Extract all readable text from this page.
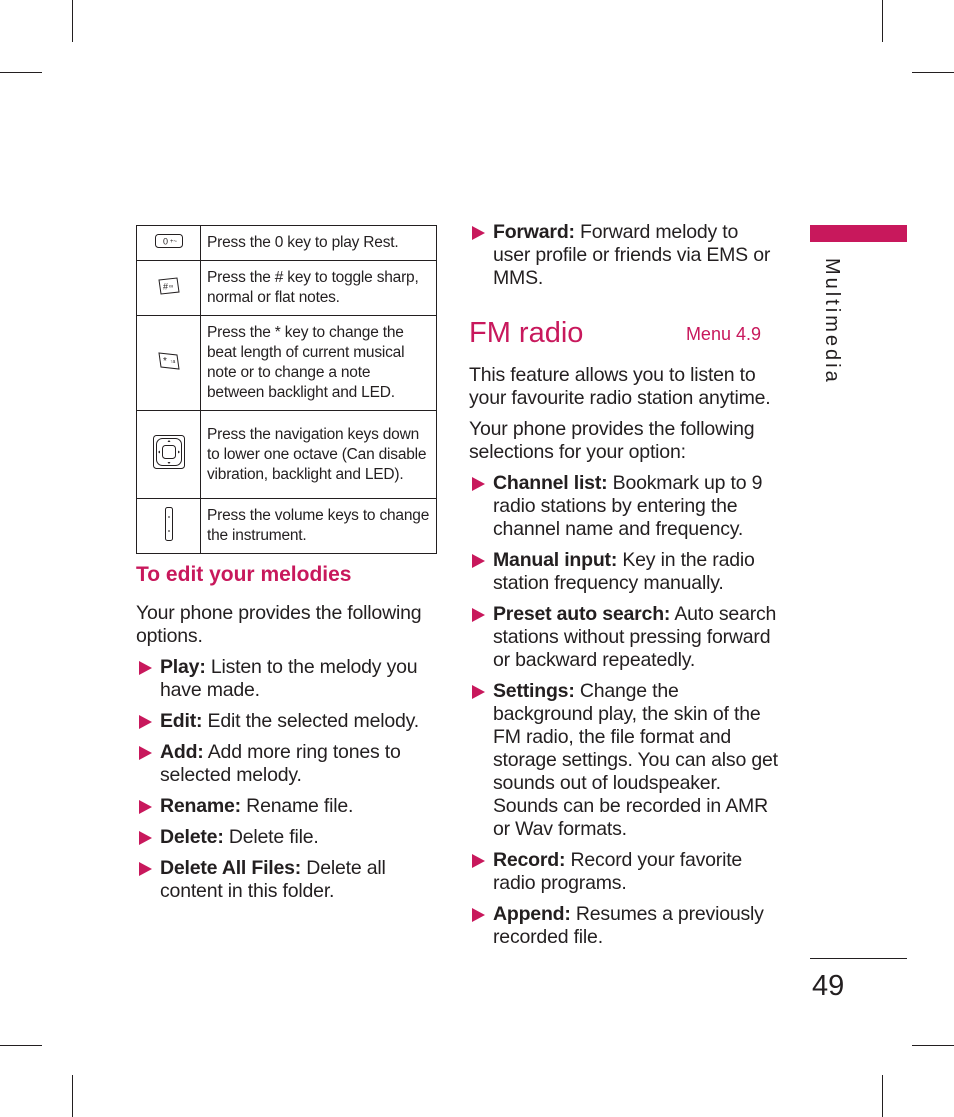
0 +~	Press the 0 key to play Rest.

# ∞	Press the # key to toggle sharp, normal or flat notes.

* ↑a	Press the * key to change the beat length of current musical note or to change a note between backlight and LED.
	Press the navigation keys down to lower one octave (Can disable vibration, backlight and LED).
	Press the volume keys to change the instrument.
To edit your melodies

Your phone provides the following options.

Play: Listen to the melody you have made.
Edit: Edit the selected melody.
Add: Add more ring tones to selected melody.
Rename: Rename file.
Delete: Delete file.
Delete All Files: Delete all content in this folder.
Forward: Forward melody to user profile or friends via EMS or MMS.
FM radio	Menu 4.9

This feature allows you to listen to your favourite radio station anytime.

Your phone provides the following selections for your option:

Channel list: Bookmark up to 9 radio stations by entering the channel name and frequency.
Manual input: Key in the radio station frequency manually.
Preset auto search: Auto search stations without pressing forward or backward repeatedly.
Settings: Change the background play, the skin of the FM radio, the file format and storage settings. You can also get sounds out of loudspeaker. Sounds can be recorded in AMR or Wav formats.
Record: Record your favorite radio programs.
Append: Resumes a previously recorded file.
Multimedia
49
